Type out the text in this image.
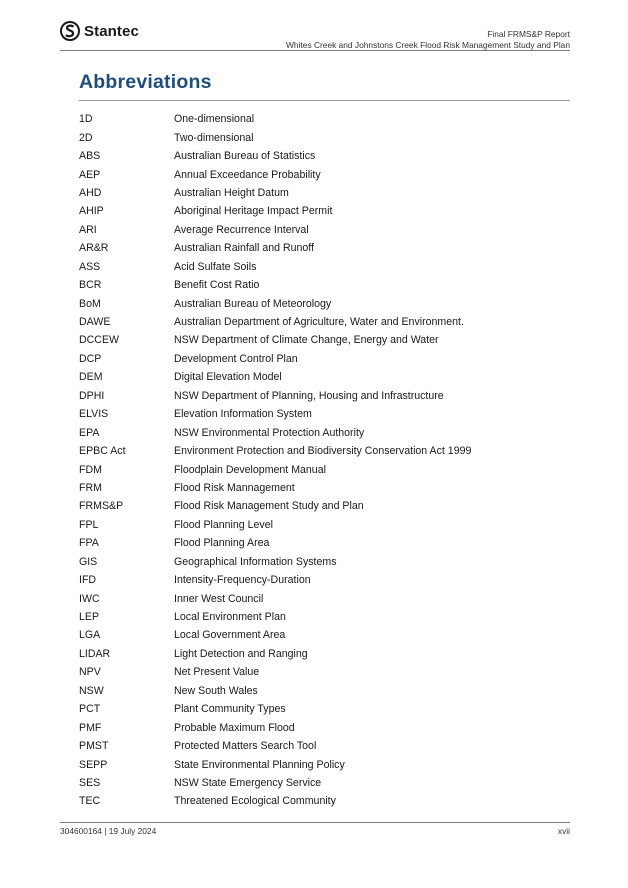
Stantec	Final FRMS&P Report
Whites Creek and Johnstons Creek Flood Risk Management Study and Plan
Abbreviations
1D	One-dimensional
2D	Two-dimensional
ABS	Australian Bureau of Statistics
AEP	Annual Exceedance Probability
AHD	Australian Height Datum
AHIP	Aboriginal Heritage Impact Permit
ARI	Average Recurrence Interval
AR&R	Australian Rainfall and Runoff
ASS	Acid Sulfate Soils
BCR	Benefit Cost Ratio
BoM	Australian Bureau of Meteorology
DAWE	Australian Department of Agriculture, Water and Environment.
DCCEW	NSW Department of Climate Change, Energy and Water
DCP	Development Control Plan
DEM	Digital Elevation Model
DPHI	NSW Department of Planning, Housing and Infrastructure
ELVIS	Elevation Information System
EPA	NSW Environmental Protection Authority
EPBC Act	Environment Protection and Biodiversity Conservation Act 1999
FDM	Floodplain Development Manual
FRM	Flood Risk Mannagement
FRMS&P	Flood Risk Management Study and Plan
FPL	Flood Planning Level
FPA	Flood Planning Area
GIS	Geographical Information Systems
IFD	Intensity-Frequency-Duration
IWC	Inner West Council
LEP	Local Environment Plan
LGA	Local Government Area
LIDAR	Light Detection and Ranging
NPV	Net Present Value
NSW	New South Wales
PCT	Plant Community Types
PMF	Probable Maximum Flood
PMST	Protected Matters Search Tool
SEPP	State Environmental Planning Policy
SES	NSW State Emergency Service
TEC	Threatened Ecological Community
304600164 | 19 July 2024	xvii
